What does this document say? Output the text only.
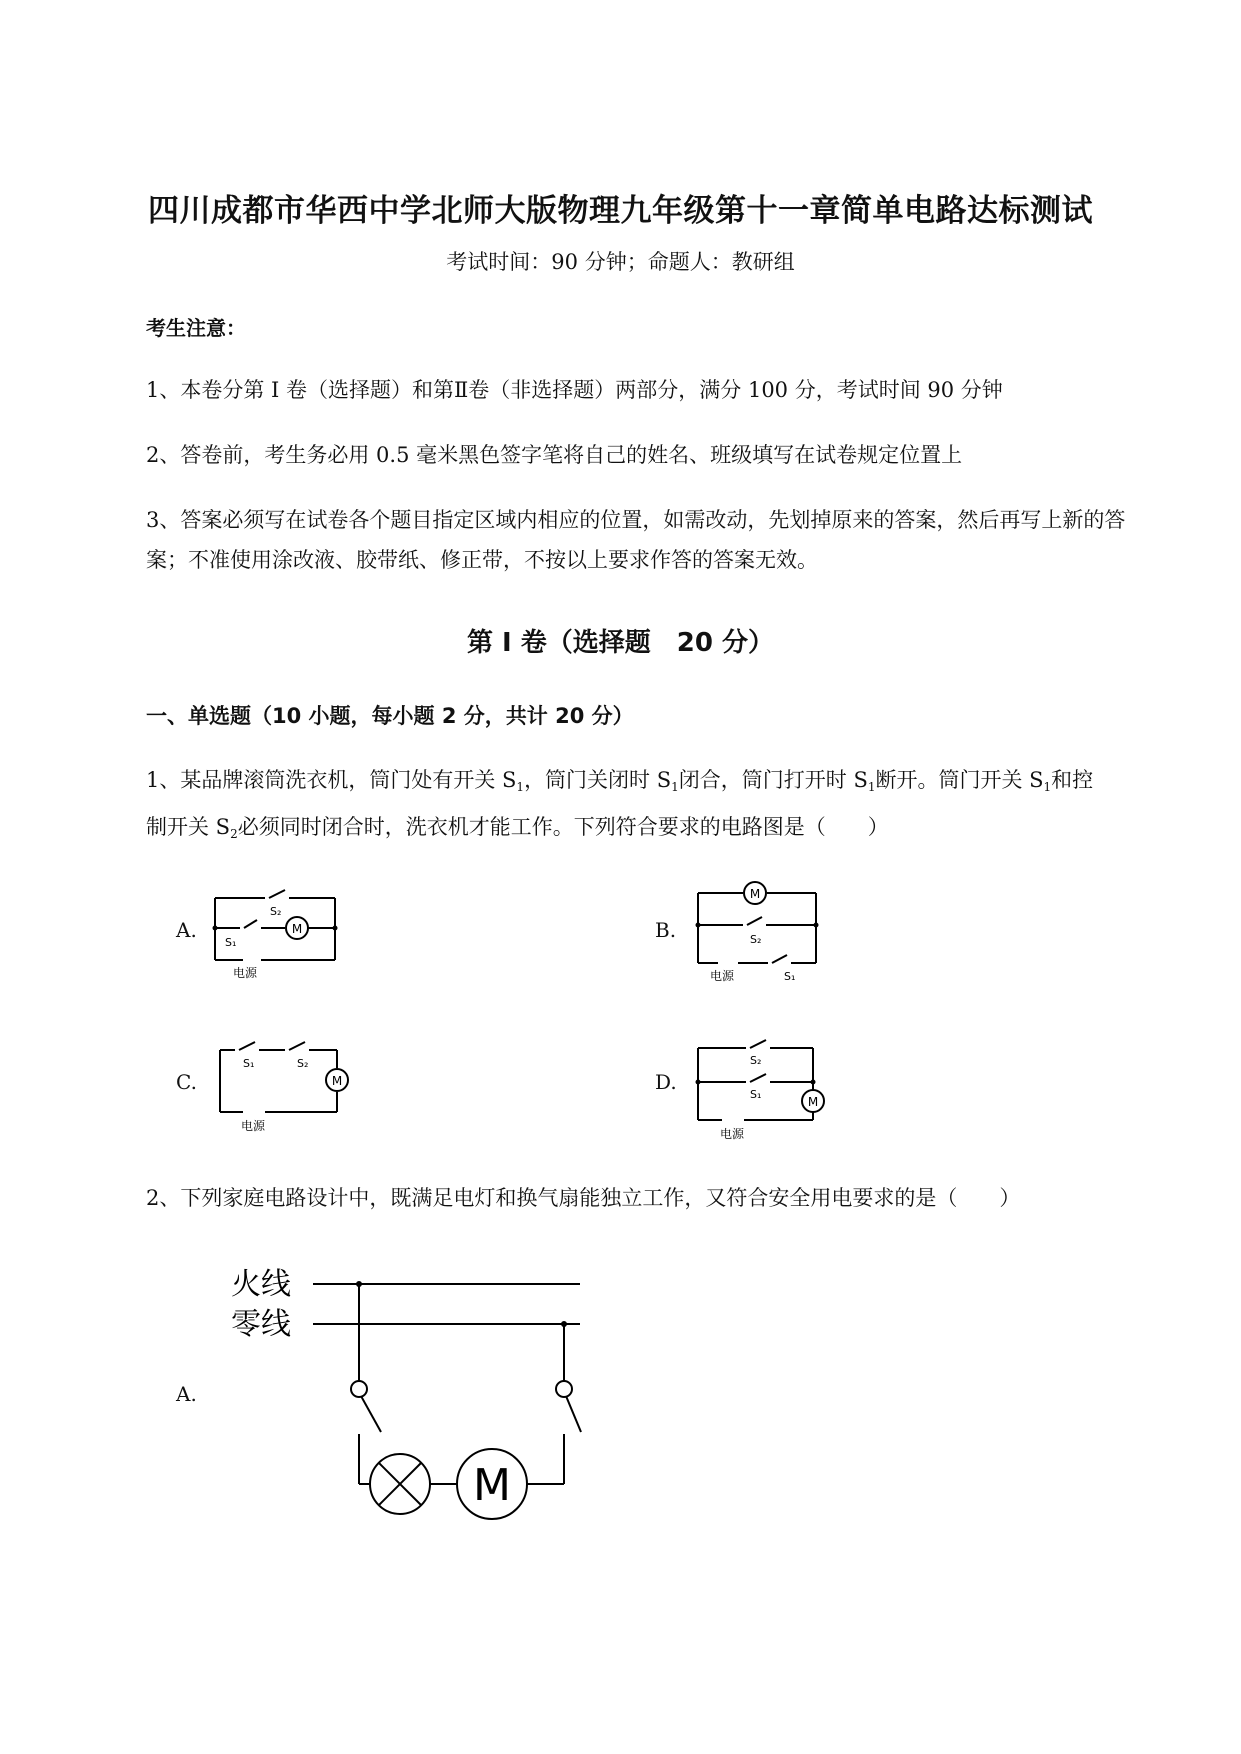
四川成都市华西中学北师大版物理九年级第十一章简单电路达标测试
考试时间：90 分钟；命题人：教研组
考生注意：
1、本卷分第 I 卷（选择题）和第Ⅱ卷（非选择题）两部分，满分 100 分，考试时间 90 分钟
2、答卷前，考生务必用 0.5 毫米黑色签字笔将自己的姓名、班级填写在试卷规定位置上
3、答案必须写在试卷各个题目指定区域内相应的位置，如需改动，先划掉原来的答案，然后再写上新的答案；不准使用涂改液、胶带纸、修正带，不按以上要求作答的答案无效。
第 I 卷（选择题　20 分）
一、单选题（10 小题，每小题 2 分，共计 20 分）
1、某品牌滚筒洗衣机，筒门处有开关 $S_1$，筒门关闭时 $S_1$闭合，筒门打开时 $S_1$断开。筒门开关 $S_1$和控
制开关 $S_2$必须同时闭合时，洗衣机才能工作。下列符合要求的电路图是（　　）
A.
S₂
S₁
M
电源
B.
M
S₂
电源	S₁
C.
S₁	S₂
M
电源
D.
S₂
S₁
M
电源
2、下列家庭电路设计中，既满足电灯和换气扇能独立工作，又符合安全用电要求的是（　　）
A.
火线
零线
M
